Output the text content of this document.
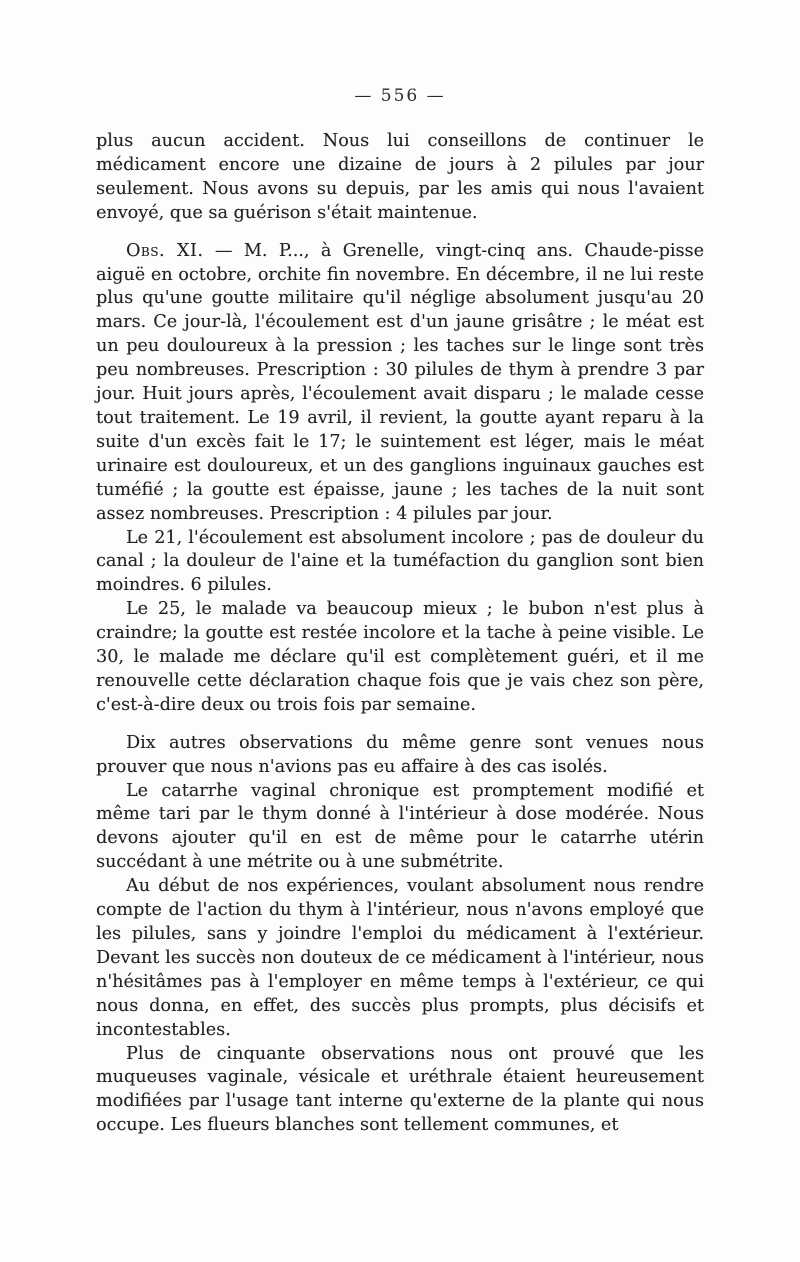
— 556 —

plus aucun accident. Nous lui conseillons de continuer le médicament encore une dizaine de jours à 2 pilules par jour seulement. Nous avons su depuis, par les amis qui nous l'avaient envoyé, que sa guérison s'était maintenue.

Obs. XI. — M. P..., à Grenelle, vingt-cinq ans. Chaude-pisse aiguë en octobre, orchite fin novembre. En décembre, il ne lui reste plus qu'une goutte militaire qu'il néglige absolument jusqu'au 20 mars. Ce jour-là, l'écoulement est d'un jaune grisâtre ; le méat est un peu douloureux à la pression ; les taches sur le linge sont très peu nombreuses. Prescription : 30 pilules de thym à prendre 3 par jour. Huit jours après, l'écoulement avait disparu ; le malade cesse tout traitement. Le 19 avril, il revient, la goutte ayant reparu à la suite d'un excès fait le 17; le suintement est léger, mais le méat urinaire est douloureux, et un des ganglions inguinaux gauches est tuméfié ; la goutte est épaisse, jaune ; les taches de la nuit sont assez nombreuses. Prescription : 4 pilules par jour.

Le 21, l'écoulement est absolument incolore ; pas de douleur du canal ; la douleur de l'aine et la tuméfaction du ganglion sont bien moindres. 6 pilules.

Le 25, le malade va beaucoup mieux ; le bubon n'est plus à craindre; la goutte est restée incolore et la tache à peine visible. Le 30, le malade me déclare qu'il est complètement guéri, et il me renouvelle cette déclaration chaque fois que je vais chez son père, c'est-à-dire deux ou trois fois par semaine.

Dix autres observations du même genre sont venues nous prouver que nous n'avions pas eu affaire à des cas isolés.

Le catarrhe vaginal chronique est promptement modifié et même tari par le thym donné à l'intérieur à dose modérée. Nous devons ajouter qu'il en est de même pour le catarrhe utérin succédant à une métrite ou à une submétrite.

Au début de nos expériences, voulant absolument nous rendre compte de l'action du thym à l'intérieur, nous n'avons employé que les pilules, sans y joindre l'emploi du médicament à l'extérieur. Devant les succès non douteux de ce médicament à l'intérieur, nous n'hésitâmes pas à l'employer en même temps à l'extérieur, ce qui nous donna, en effet, des succès plus prompts, plus décisifs et incontestables.

Plus de cinquante observations nous ont prouvé que les muqueuses vaginale, vésicale et uréthrale étaient heureusement modifiées par l'usage tant interne qu'externe de la plante qui nous occupe. Les flueurs blanches sont tellement communes, et
